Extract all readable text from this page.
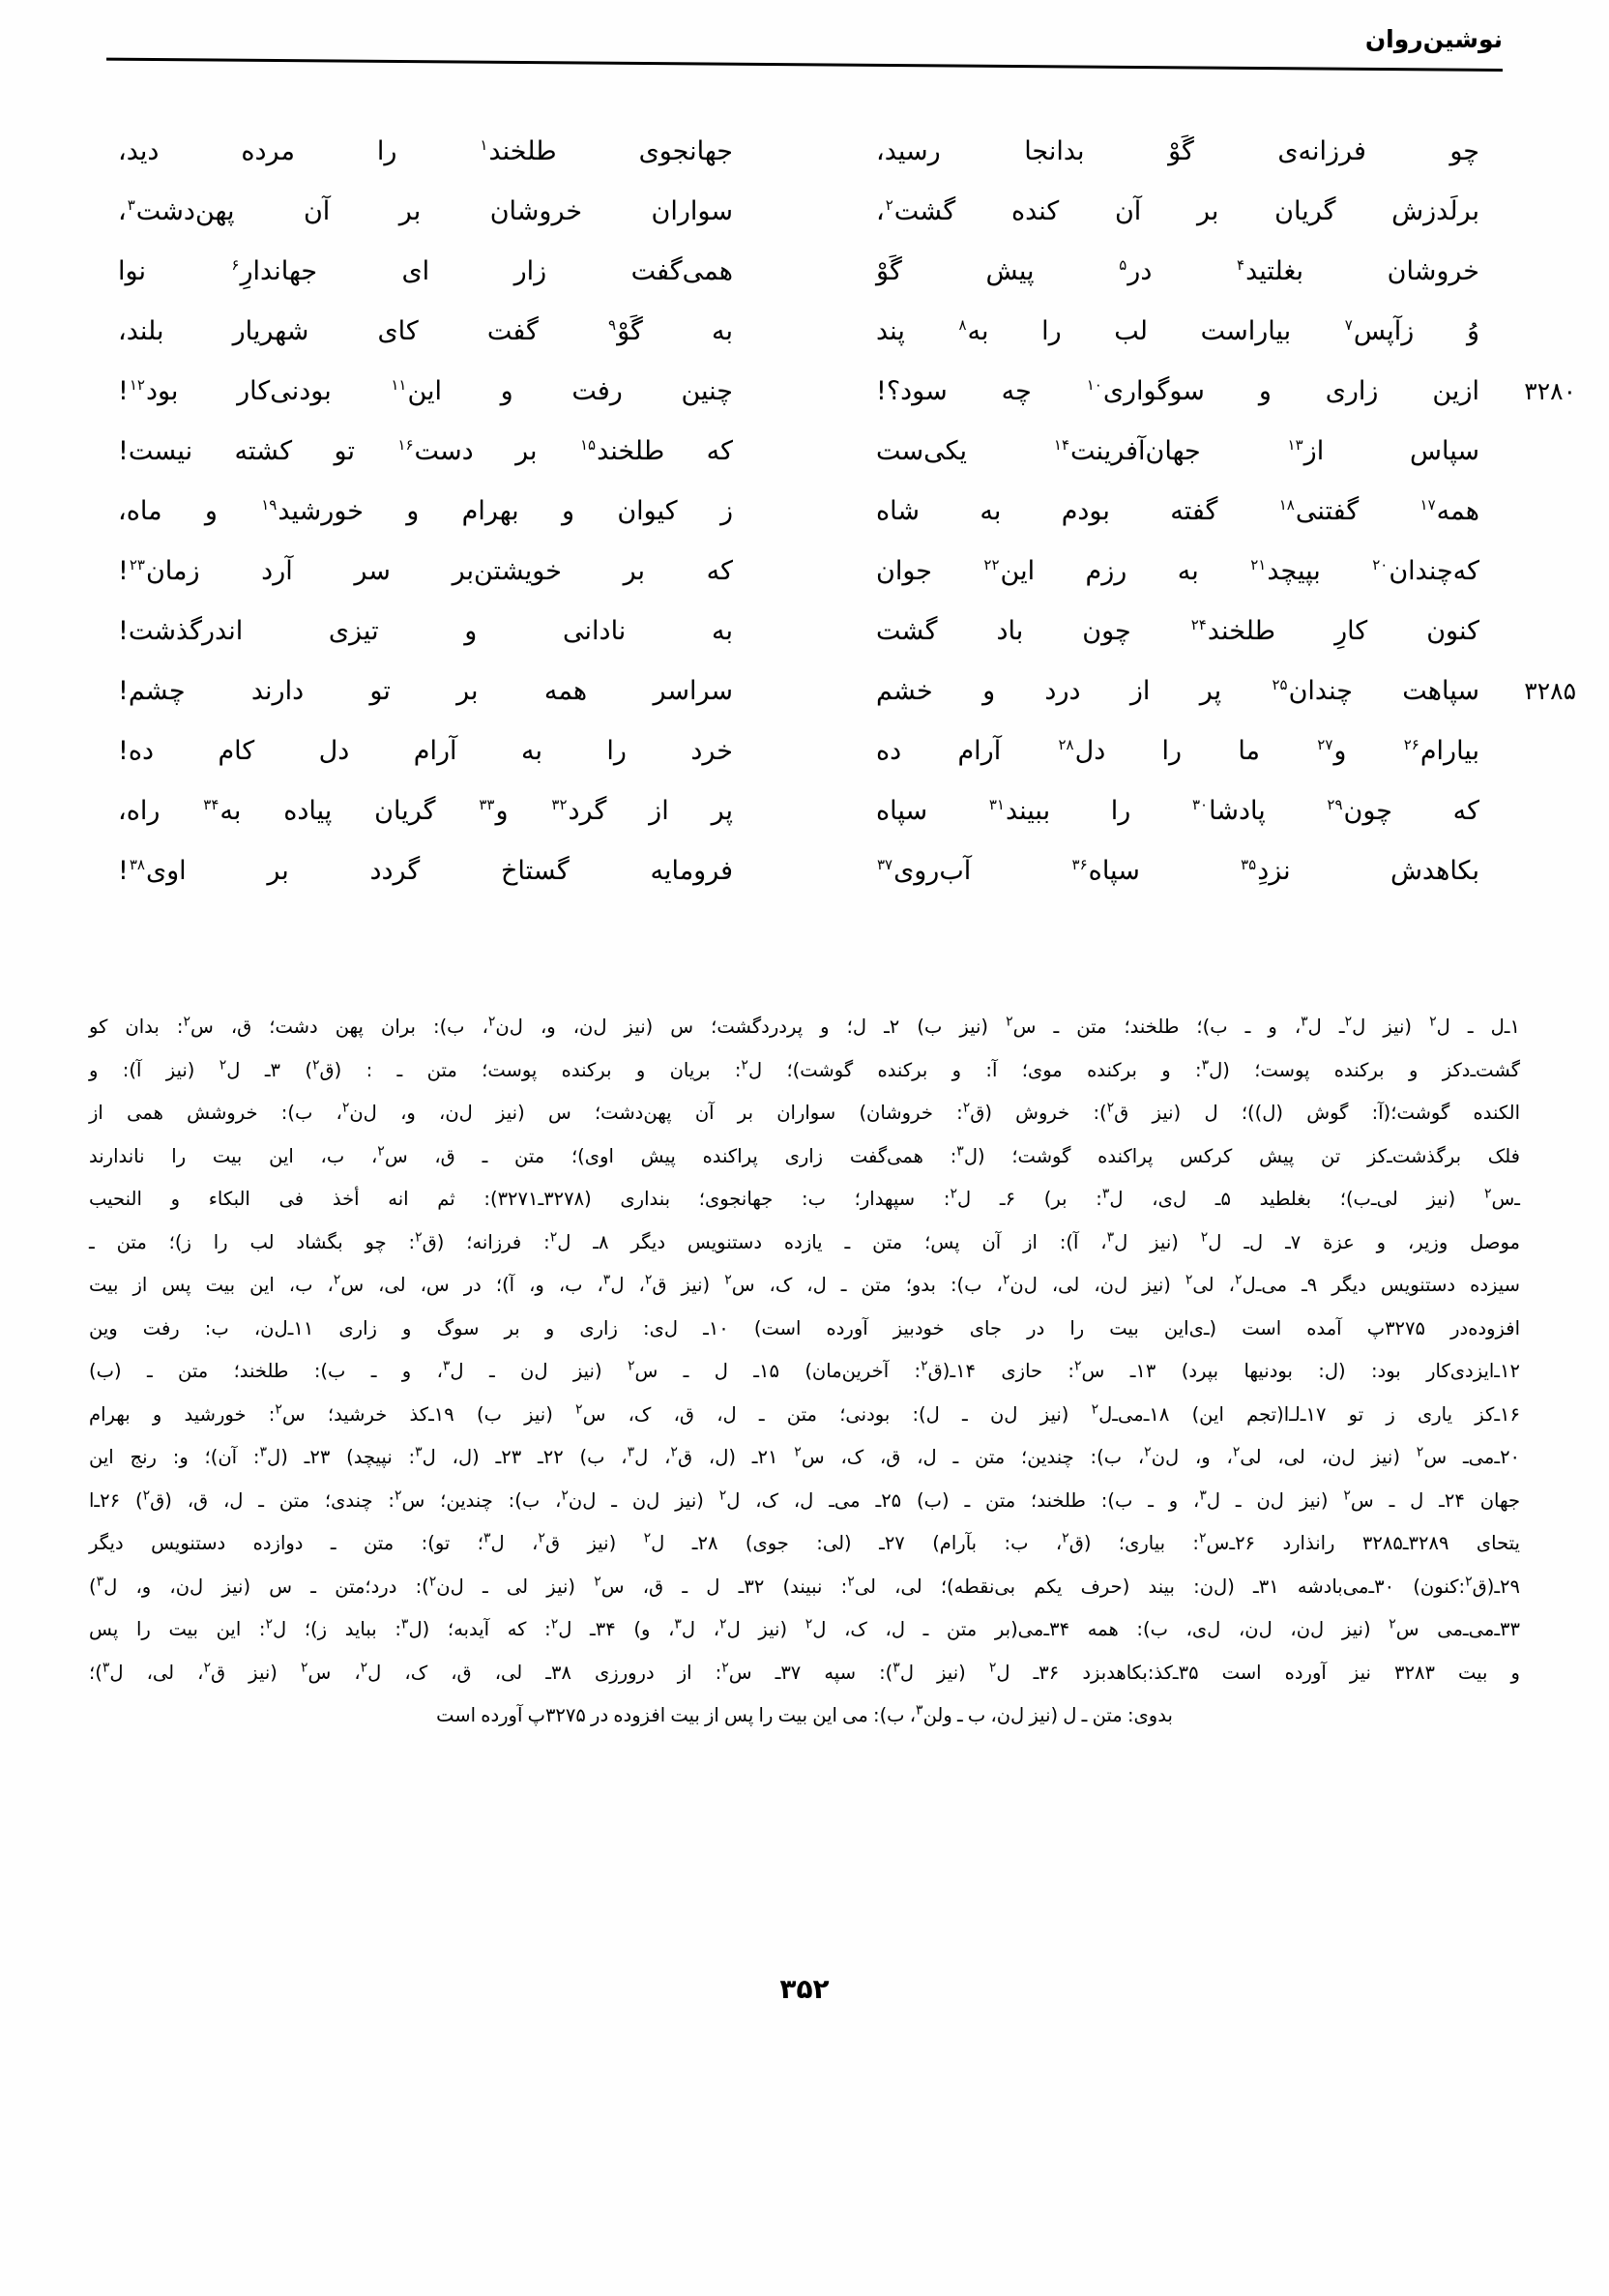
نوشین‌روان
چو فرزانه‌ی گَوْ بدانجا رسید،
جهانجوی طلخند$^۱$ را مرده دید،
برلَدزش گریان بر آن کنده گشت$^۲$،
سواران خروشان بر آن پهن‌دشت$^۳$،
خروشان بغلتید$^۴$ در$^۵$ پیش گَوْ
همی‌گفت زار ای جهاندارِ$^۶$ نوا
وُ زآپس$^۷$ بیاراست لب را به$^۸$ پند
به گَوْ$^۹$ گفت کای شهریار بلند،
۳۲۸۰
ازین زاری و سوگواری$^{۱۰}$ چه سود؟!
چنین رفت و این$^{۱۱}$ بودنی‌کار بود$^{۱۲}$!
سپاس از$^{۱۳}$ جهان‌آفرینت$^{۱۴}$ یکی‌ست
که طلخند$^{۱۵}$ بر دست$^{۱۶}$ تو کشته نیست!
همه$^{۱۷}$ گفتنی$^{۱۸}$ گفته بودم به شاه
ز کیوان و بهرام و خورشید$^{۱۹}$ و ماه،
که‌چندان$^{۲۰}$ بپیچد$^{۲۱}$ به رزم این$^{۲۲}$ جوان
که بر خویشتن‌بر سر آرد زمان$^{۲۳}$!
کنون کارِ طلخند$^{۲۴}$ چون باد گشت
به نادانی و تیزی اندرگذشت!
۳۲۸۵
سپاهت چندان$^{۲۵}$ پر از درد و خشم
سراسر همه بر تو دارند چشم!
بیارام$^{۲۶}$ و$^{۲۷}$ ما را دل$^{۲۸}$ آرام ده
خرد را به آرام دل کام ده!
که چون$^{۲۹}$ پادشا$^{۳۰}$ را ببیند$^{۳۱}$ سپاه
پر از گرد$^{۳۲}$ و$^{۳۳}$ گریان پیاده به$^{۳۴}$ راه،
بکاهدش نزدِ$^{۳۵}$ سپاه$^{۳۶}$ آب‌روی$^{۳۷}$
فرومایه گستاخ گردد بر اوی$^{۳۸}$!

۱ـ‌ل ـ ل$^۲$ (نیز ل$^۲$ـ ل$^۳$، و ـ ب)؛ طلخند؛ متن ـ س$^۲$ (نیز ب) ۲ـ ل؛ و پردردگشت؛ س (نیز ل‌ن، و، ل‌ن$^۲$، ب): بران پهن دشت؛ ق، س$^۲$: بدان کو

گشت‌ـ‌دکز و برکنده پوست؛ (ل$^۳$: و برکنده موی؛ آ: و برکنده‌ گوشت)؛ ل$^۲$: بریان و برکنده پوست؛ متن ـ : (ق$^۲$) ۳ـ ل$^۲$ (نیز آ): و

الکنده گوشت؛(آ: گوش (ل))؛ ل (نیز ق$^۲$): خروش (ق$^۲$: خروشان) سواران بر آن پهن‌دشت؛ س (نیز ل‌ن، و، ل‌ن$^۲$، ب): خروشش همی از

فلک برگذشت‌ـ‌کز تن پیش کرکس پراکنده گوشت؛ (ل$^۳$: همی‌گفت زاری پراکنده پیش اوی)؛ متن ـ ق، س$^۲$، ب، این بیت را ناندارند

ـ‌س$^۲$ (نیز لی‌ـ‌ب)؛ بغلطید ۵ـ ل‌ی، ل$^۳$: بر) ۶ـ ل$^۲$: سپهدار؛ ب: جهانجوی؛ بنداری (۳۲۷۸ـ۳۲۷۱): ثم انه أخذ فی البکاء و النحیب

موصل وزیر، و عزة ۷ـ ل‌ـ ل$^۲$ (نیز ل$^۳$، آ): از آن پس؛ متن ـ یازده دستنویس دیگر ۸ـ ل$^۲$: فرزانه؛ (ق$^۲$: چو بگشاد لب را ز)؛ متن ـ

سیزده دستنویس دیگر ۹ـ می‌ـ‌ل$^۲$، لی$^۲$ (نیز ل‌ن، لی، ل‌ن$^۲$، ب): بدو؛ متن ـ ل، ک، س$^۲$ (نیز ق$^۲$، ل$^۳$، ب، و، آ)؛ در س، لی، س$^۲$، ب، این بیت پس از بیت

افزوده‌در ۳۲۷۵پ آمده است (ـ‌ی‌این بیت را در جای خودبیز آورده است) ۱۰ـ ل‌ی: زاری و بر سوگ و زاری ۱۱ـ‌ل‌ن، ب: رفت وین

۱۲ـ‌ایزدی‌کار بود: (ل: بودنیها بپرد) ۱۳ـ س$^۲$: حازی ۱۴ـ‌(ق$^۲$: آخرین‌مان) ۱۵ـ ل ـ س$^۲$ (نیز ل‌ن ـ ل$^۳$، و ـ ب): طلخند؛ متن ـ (ب)

۱۶ـ‌کز یاری ز تو ۱۷ـ‌لـ‌ا(‌تجم این) ۱۸ـ‌می‌ـ‌ل$^۲$ (نیز ل‌ن ـ ل): بودنی؛ متن ـ ل، ق، ک، س$^۲$ (نیز ب) ۱۹ـ‌کذ خرشید؛ س$^۲$: خورشید و بهرام

۲۰ـ‌می‌ـ س$^۲$ (نیز ل‌ن، لی، لی$^۲$، و، ل‌ن$^۲$، ب): چندین؛ متن ـ ل، ق، ک، س$^۲$ ۲۱ـ (ل، ق$^۲$، ل$^۳$، ب) ۲۲ـ ۲۳ـ (ل، ل$^۳$: نپیچد) ۲۳ـ (ل$^۳$: آن)؛ و: رنج این

جهان ۲۴ـ ل ـ س$^۲$ (نیز ل‌ن ـ ل$^۳$، و ـ ب): طلخند؛ متن ـ (ب) ۲۵ـ می‌ـ ل، ک، ل$^۲$ (نیز ل‌ن ـ ل‌ن$^۲$، ب): چندین؛ س$^۲$: چندی؛ متن ـ ل، ق، (ق$^۲$) ۲۶ـ‌ا

یتحای ۳۲۸۹ـ۳۲۸۵ را‌نذارد ۲۶ـ‌س$^۲$: بیاری؛ (ق$^۲$، ب: بآرام) ۲۷ـ (لی: جوی) ۲۸ـ ل$^۲$ (نیز ق$^۲$، ل$^۳$؛ تو): متن ـ دوازده دستنویس دیگر

۲۹ـ‌(ق$^۲$:‌کنون) ۳۰ـ‌می‌بادشه ۳۱ـ (ل‌ن: بیند (حرف یکم بی‌نقطه)؛ لی، لی$^۲$: نبیند) ۳۲ـ ل ـ ق، س$^۲$ (نیز لی ـ ل‌ن$^۲$): درد؛متن ـ س (نیز ل‌ن، و، ل$^۳$)

۳۳ـ‌می‌ـ‌می س$^۲$ (نیز ل‌ن، ل‌ن، ل‌ی، ب): همه ۳۴ـ‌می‌(بر متن ـ ل، ک، ل$^۲$ (نیز ل$^۲$، ل$^۳$، و) ۳۴ـ ل$^۲$: که آیدبه؛ (ل$^۳$: بباید ز)؛ ل$^۲$: این بیت را پس

و بیت ۳۲۸۳ نیز آورده است ۳۵ـ‌کذ:بکاهدبزد ۳۶ـ ل$^۲$ (نیز ل$^۳$): سپه ۳۷ـ س$^۲$: از درورزی ۳۸ـ لی، ق، ک، ل$^۲$، س$^۲$ (نیز ق$^۲$، لی، ل$^۳$)؛

بدوی: متن ـ ل (نیز ل‌ن، ب ـ و‌لن$^۳$، ب): می این بیت را پس از بیت افزوده در ۳۲۷۵پ آورده است

۳۵۲
